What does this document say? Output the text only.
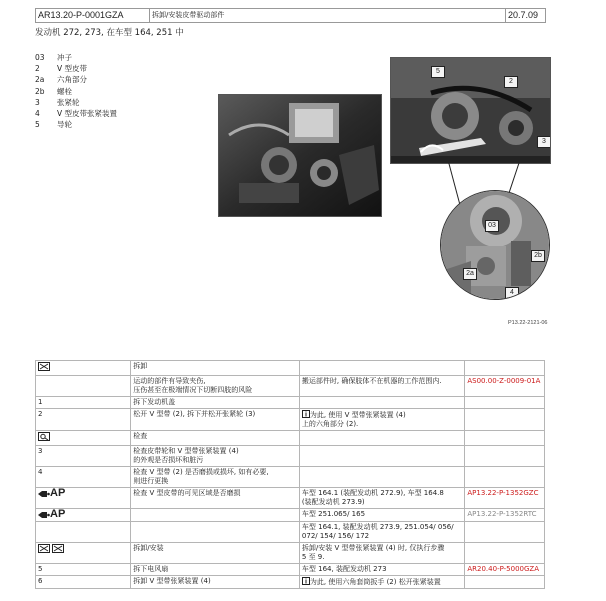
AR13.20-P-0001GZA	拆卸/安装皮带驱动部件	20.7.09
发动机 272, 273, 在车型 164, 251 中
03	冲子
2	V 型皮带
2a	六角部分
2b	螺栓
3	张紧轮
4	V 型皮带张紧装置
5	导轮
5
2
3
03
2a
2b
4
P13.22-2121-06
	拆卸		
	运动的部件有导致夹伤,
压伤甚至在极端情况下切断四肢的风险	搬运部件时, 确保肢体不在机器的工作范围内.	AS00.00-Z-0009-01A
1	拆下发动机盖		
2	松开 V 型带 (2), 拆下并松开张紧轮 (3)	为此, 使用 V 型带张紧装置 (4)
上的六角部分 (2).	
	检查		
3	检查皮带轮和 V 型带张紧装置 (4)
的外观是否损坏和脏污		
4	检查 V 型带 (2) 是否磨损或损坏, 如有必要,
则进行更换		
AP	检查 V 型皮带的可见区域是否磨损	车型 164.1 (装配发动机 272.9), 车型 164.8
(装配发动机 273.9)	AP13.22-P-1352GZC
AP		车型 251.065/ 165	AP13.22-P-1352RTC
		车型 164.1, 装配发动机 273.9, 251.054/ 056/
072/ 154/ 156/ 172	
	拆卸/安装	拆卸/安装 V 型带张紧装置 (4) 时, 仅执行步骤
5 至 9.	
5	拆下电风扇	车型 164, 装配发动机 273	AR20.40-P-5000GZA
6	拆卸 V 型带张紧装置 (4)	为此, 使用六角套筒扳手 (2) 松开张紧装置	
